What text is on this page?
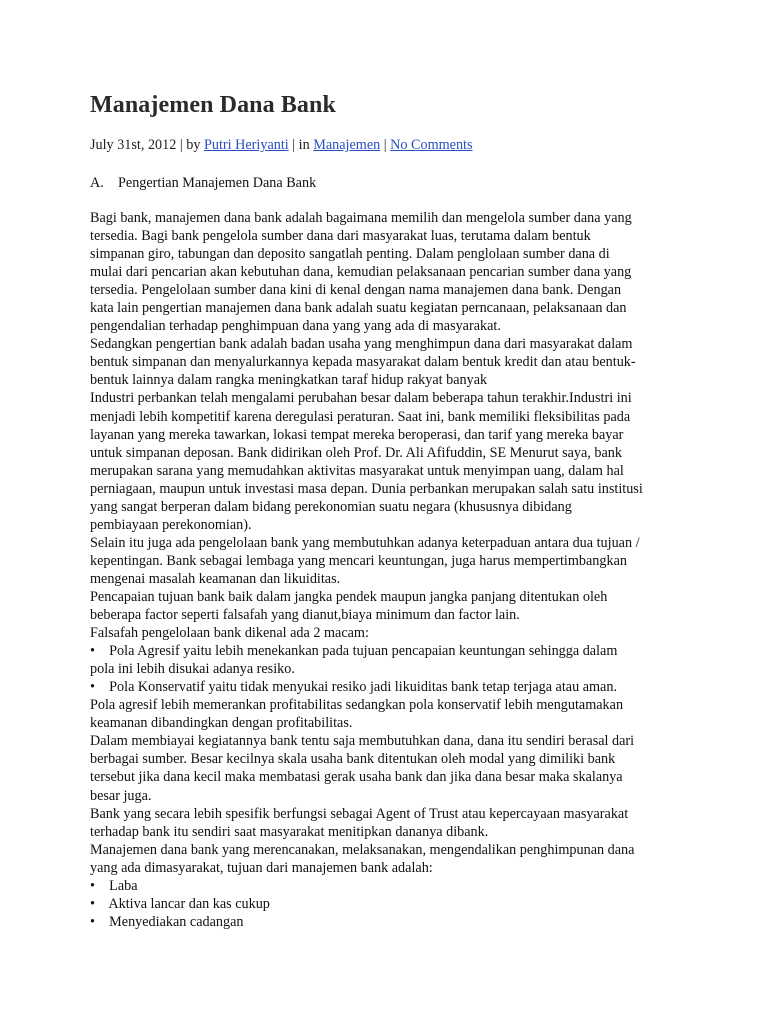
Manajemen Dana Bank
July 31st, 2012 | by Putri Heriyanti | in Manajemen | No Comments
A. Pengertian Manajemen Dana Bank

Bagi bank, manajemen dana bank adalah bagaimana memilih dan mengelola sumber dana yang

tersedia. Bagi bank pengelola sumber dana dari masyarakat luas, terutama dalam bentuk

simpanan giro, tabungan dan deposito sangatlah penting. Dalam penglolaan sumber dana di

mulai dari pencarian akan kebutuhan dana, kemudian pelaksanaan pencarian sumber dana yang

tersedia. Pengelolaan sumber dana kini di kenal dengan nama manajemen dana bank. Dengan

kata lain pengertian manajemen dana bank adalah suatu kegiatan perncanaan, pelaksanaan dan

pengendalian terhadap penghimpuan dana yang yang ada di masyarakat.

Sedangkan pengertian bank adalah badan usaha yang menghimpun dana dari masyarakat dalam

bentuk simpanan dan menyalurkannya kepada masyarakat dalam bentuk kredit dan atau bentuk-

bentuk lainnya dalam rangka meningkatkan taraf hidup rakyat banyak

Industri perbankan telah mengalami perubahan besar dalam beberapa tahun terakhir.Industri ini

menjadi lebih kompetitif karena deregulasi peraturan. Saat ini, bank memiliki fleksibilitas pada

layanan yang mereka tawarkan, lokasi tempat mereka beroperasi, dan tarif yang mereka bayar

untuk simpanan deposan. Bank didirikan oleh Prof. Dr. Ali Afifuddin, SE Menurut saya, bank

merupakan sarana yang memudahkan aktivitas masyarakat untuk menyimpan uang, dalam hal

perniagaan, maupun untuk investasi masa depan. Dunia perbankan merupakan salah satu institusi

yang sangat berperan dalam bidang perekonomian suatu negara (khususnya dibidang

pembiayaan perekonomian).

Selain itu juga ada pengelolaan bank yang membutuhkan adanya keterpaduan antara dua tujuan /

kepentingan. Bank sebagai lembaga yang mencari keuntungan, juga harus mempertimbangkan

mengenai masalah keamanan dan likuiditas.

Pencapaian tujuan bank baik dalam jangka pendek maupun jangka panjang ditentukan oleh

beberapa factor seperti falsafah yang dianut,biaya minimum dan factor lain.

Falsafah pengelolaan bank dikenal ada 2 macam:

•    Pola Agresif yaitu lebih menekankan pada tujuan pencapaian keuntungan sehingga dalam

pola ini lebih disukai adanya resiko.

•    Pola Konservatif yaitu tidak menyukai resiko jadi likuiditas bank tetap terjaga atau aman.

Pola agresif lebih memerankan profitabilitas sedangkan pola konservatif lebih mengutamakan

keamanan dibandingkan dengan profitabilitas.

Dalam membiayai kegiatannya bank tentu saja membutuhkan dana, dana itu sendiri berasal dari

berbagai sumber. Besar kecilnya skala usaha bank ditentukan oleh modal yang dimiliki bank

tersebut jika dana kecil maka membatasi gerak usaha bank dan jika dana besar maka skalanya

besar juga.

Bank yang secara lebih spesifik berfungsi sebagai Agent of Trust atau kepercayaan masyarakat

terhadap bank itu sendiri saat masyarakat menitipkan dananya dibank.

Manajemen dana bank yang merencanakan, melaksanakan, mengendalikan penghimpunan dana

yang ada dimasyarakat, tujuan dari manajemen bank adalah:

•    Laba

•    Aktiva lancar dan kas cukup

•    Menyediakan cadangan
